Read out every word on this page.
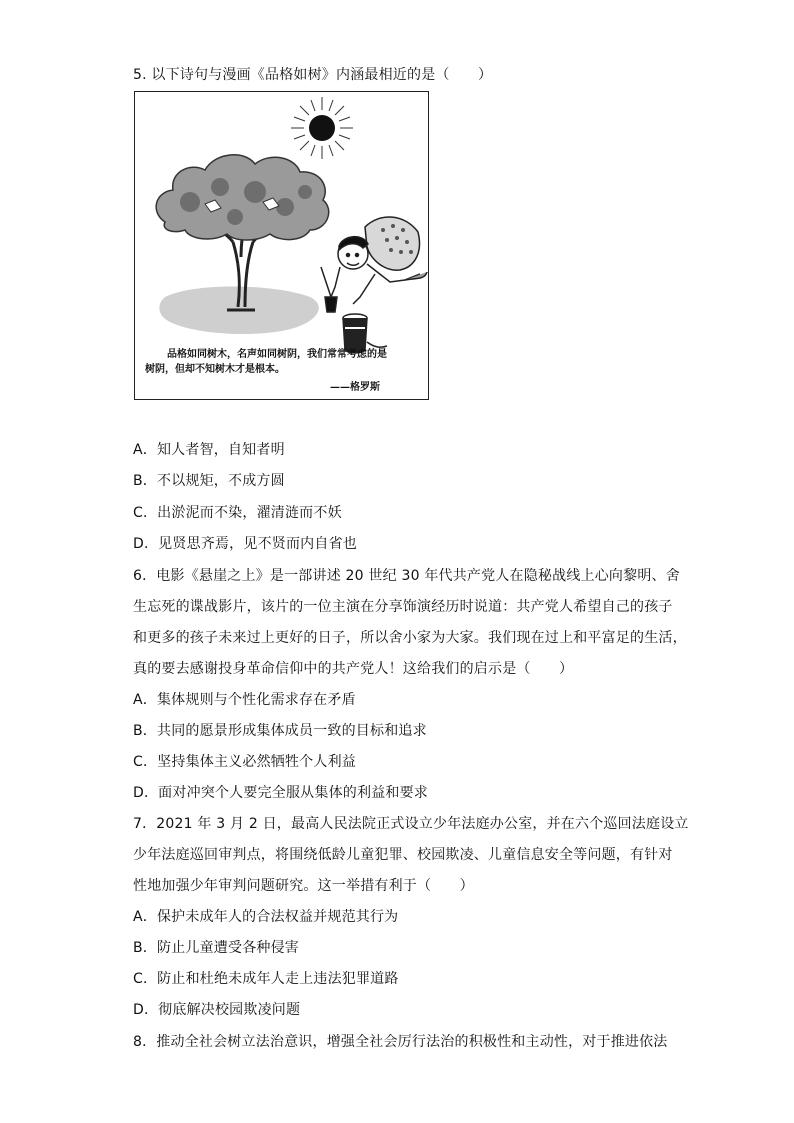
5. 以下诗句与漫画《品格如树》内涵最相近的是（　　）
品格如同树木，名声如同树阴，我们常常考虑的是
树阴，但却不知树木才是根本。
——格罗斯
A．知人者智，自知者明
B．不以规矩，不成方圆
C．出淤泥而不染，濯清涟而不妖
D．见贤思齐焉，见不贤而内自省也
6．电影《悬崖之上》是一部讲述 20 世纪 30 年代共产党人在隐秘战线上心向黎明、舍
生忘死的谍战影片，该片的一位主演在分享饰演经历时说道：共产党人希望自己的孩子
和更多的孩子未来过上更好的日子，所以舍小家为大家。我们现在过上和平富足的生活，
真的要去感谢投身革命信仰中的共产党人！这给我们的启示是（　　）
A．集体规则与个性化需求存在矛盾
B．共同的愿景形成集体成员一致的目标和追求
C．坚持集体主义必然牺牲个人利益
D．面对冲突个人要完全服从集体的利益和要求
7．2021 年 3 月 2 日，最高人民法院正式设立少年法庭办公室，并在六个巡回法庭设立
少年法庭巡回审判点，将围绕低龄儿童犯罪、校园欺凌、儿童信息安全等问题，有针对
性地加强少年审判问题研究。这一举措有利于（　　）
A．保护未成年人的合法权益并规范其行为
B．防止儿童遭受各种侵害
C．防止和杜绝未成年人走上违法犯罪道路
D．彻底解决校园欺凌问题
8．推动全社会树立法治意识，增强全社会厉行法治的积极性和主动性，对于推进依法
